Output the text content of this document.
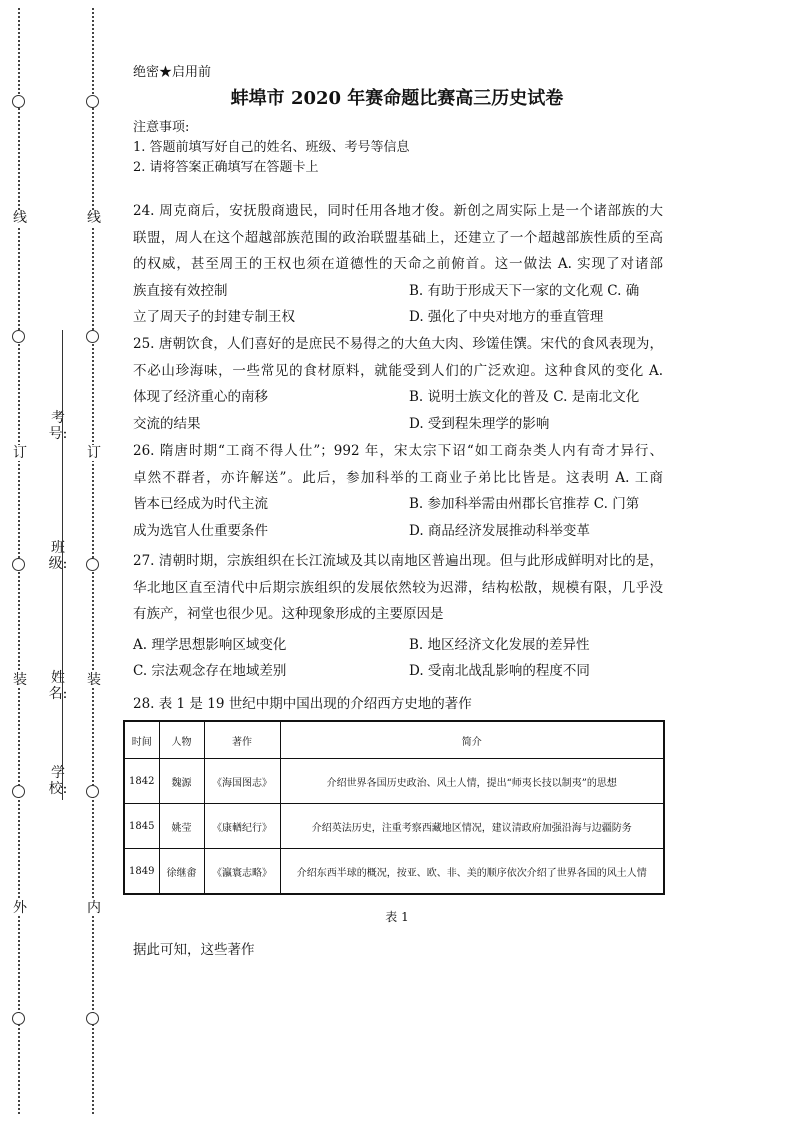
线
订
装
外
学校:
姓名:
班级:
考号:
线
订
装
内
绝密★启用前
蚌埠市 2020 年赛命题比赛高三历史试卷
注意事项:
1. 答题前填写好自己的姓名、班级、考号等信息
2. 请将答案正确填写在答题卡上

24. 周克商后，安抚殷商遗民，同时任用各地才俊。新创之周实际上是一个诸部族的大

联盟，周人在这个超越部族范围的政治联盟基础上，还建立了一个超越部族性质的至高

的权威，甚至周王的王权也须在道德性的天命之前俯首。这一做法 A. 实现了对诸部

族直接有效控制	B. 有助于形成天下一家的文化观 C. 确
立了周天子的封建专制王权	D. 强化了中央对地方的垂直管理

25. 唐朝饮食，人们喜好的是庶民不易得之的大鱼大肉、珍馐佳馔。宋代的食风表现为，

不必山珍海味，一些常见的食材原料，就能受到人们的广泛欢迎。这种食风的变化 A.

体现了经济重心的南移	B. 说明士族文化的普及 C. 是南北文化
交流的结果	D. 受到程朱理学的影响

26. 隋唐时期“工商不得人仕”；992 年，宋太宗下诏“如工商杂类人内有奇才异行、

卓然不群者，亦许解送”。此后，参加科举的工商业子弟比比皆是。这表明 A. 工商

皆本已经成为时代主流	B. 参加科举需由州郡长官推荐 C. 门第
成为选官人仕重要条件	D. 商品经济发展推动科举变革

27. 清朝时期，宗族组织在长江流域及其以南地区普遍出现。但与此形成鲜明对比的是，

华北地区直至清代中后期宗族组织的发展依然较为迟滞，结构松散，规模有限，几乎没

有族产，祠堂也很少见。这种现象形成的主要原因是

A. 理学思想影响区域变化	B. 地区经济文化发展的差异性
C. 宗法观念存在地域差别	D. 受南北战乱影响的程度不同

28. 表 1 是 19 世纪中期中国出现的介绍西方史地的著作

时间	人物	著作	简介
1842	魏源	《海国图志》	介绍世界各国历史政治、风土人情，提出“师夷长技以制夷”的思想
1845	姚莹	《康輶纪行》	介绍英法历史，注重考察西藏地区情况，建议清政府加强沿海与边疆防务
1849	徐继畬	《瀛寰志略》	介绍东西半球的概况，按亚、欧、非、美的顺序依次介绍了世界各国的风土人情
表 1
据此可知，这些著作
